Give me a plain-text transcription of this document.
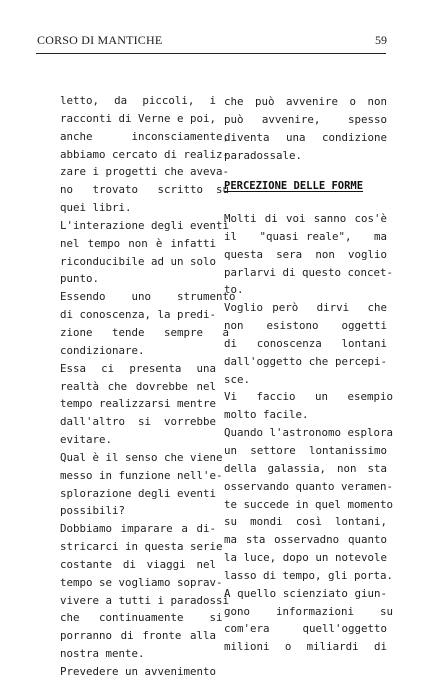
CORSO DI MANTICHE	59
letto,  da  piccoli,  i
racconti di Verne e poi,
anche      inconsciamente,
abbiamo cercato di realiz-
zare i progetti che aveva-
no   trovato   scritto  su
quei libri.
L'interazione degli eventi
nel tempo non è infatti
riconducibile ad un solo
punto.
Essendo    uno    strumento
di conoscenza, la predi-
zione   tende   sempre   a
condizionare.
Essa  ci  presenta  una
realtà che dovrebbe nel
tempo realizzarsi mentre
dall'altro  si  vorrebbe
evitare.
Qual è il senso che viene
messo in funzione nell'e-
splorazione degli eventi
possibili?
Dobbiamo imparare a di-
stricarci in questa serie
costante di viaggi nel
tempo se vogliamo soprav-
vivere a tutti i paradossi
che   continuamente    si
porranno di fronte alla
nostra mente.
Prevedere un avvenimento
che può avvenire o non
può  avvenire,   spesso
diventa una condizione
paradossale.
PERCEZIONE DELLE FORME
Molti di voi sanno cos'è
il   "quasi reale",   ma
questa sera non voglio
parlarvi di questo concet-
to.
Voglio però  dirvi  che
non   esistono   oggetti
di  conoscenza  lontani
dall'oggetto che percepi-
sce.
Vi   faccio   un   esempio
molto facile.
Quando l'astronomo esplora
un  settore  lontanissimo
della galassia, non sta
osservando quanto veramen-
te succede in quel momento
su  mondi  così  lontani,
ma sta osservadno quanto
la luce, dopo un notevole
lasso di tempo, gli porta.
A quello scienziato giun-
gono    informazioni    su
com'era   quell'oggetto
milioni  o  miliardi  di
